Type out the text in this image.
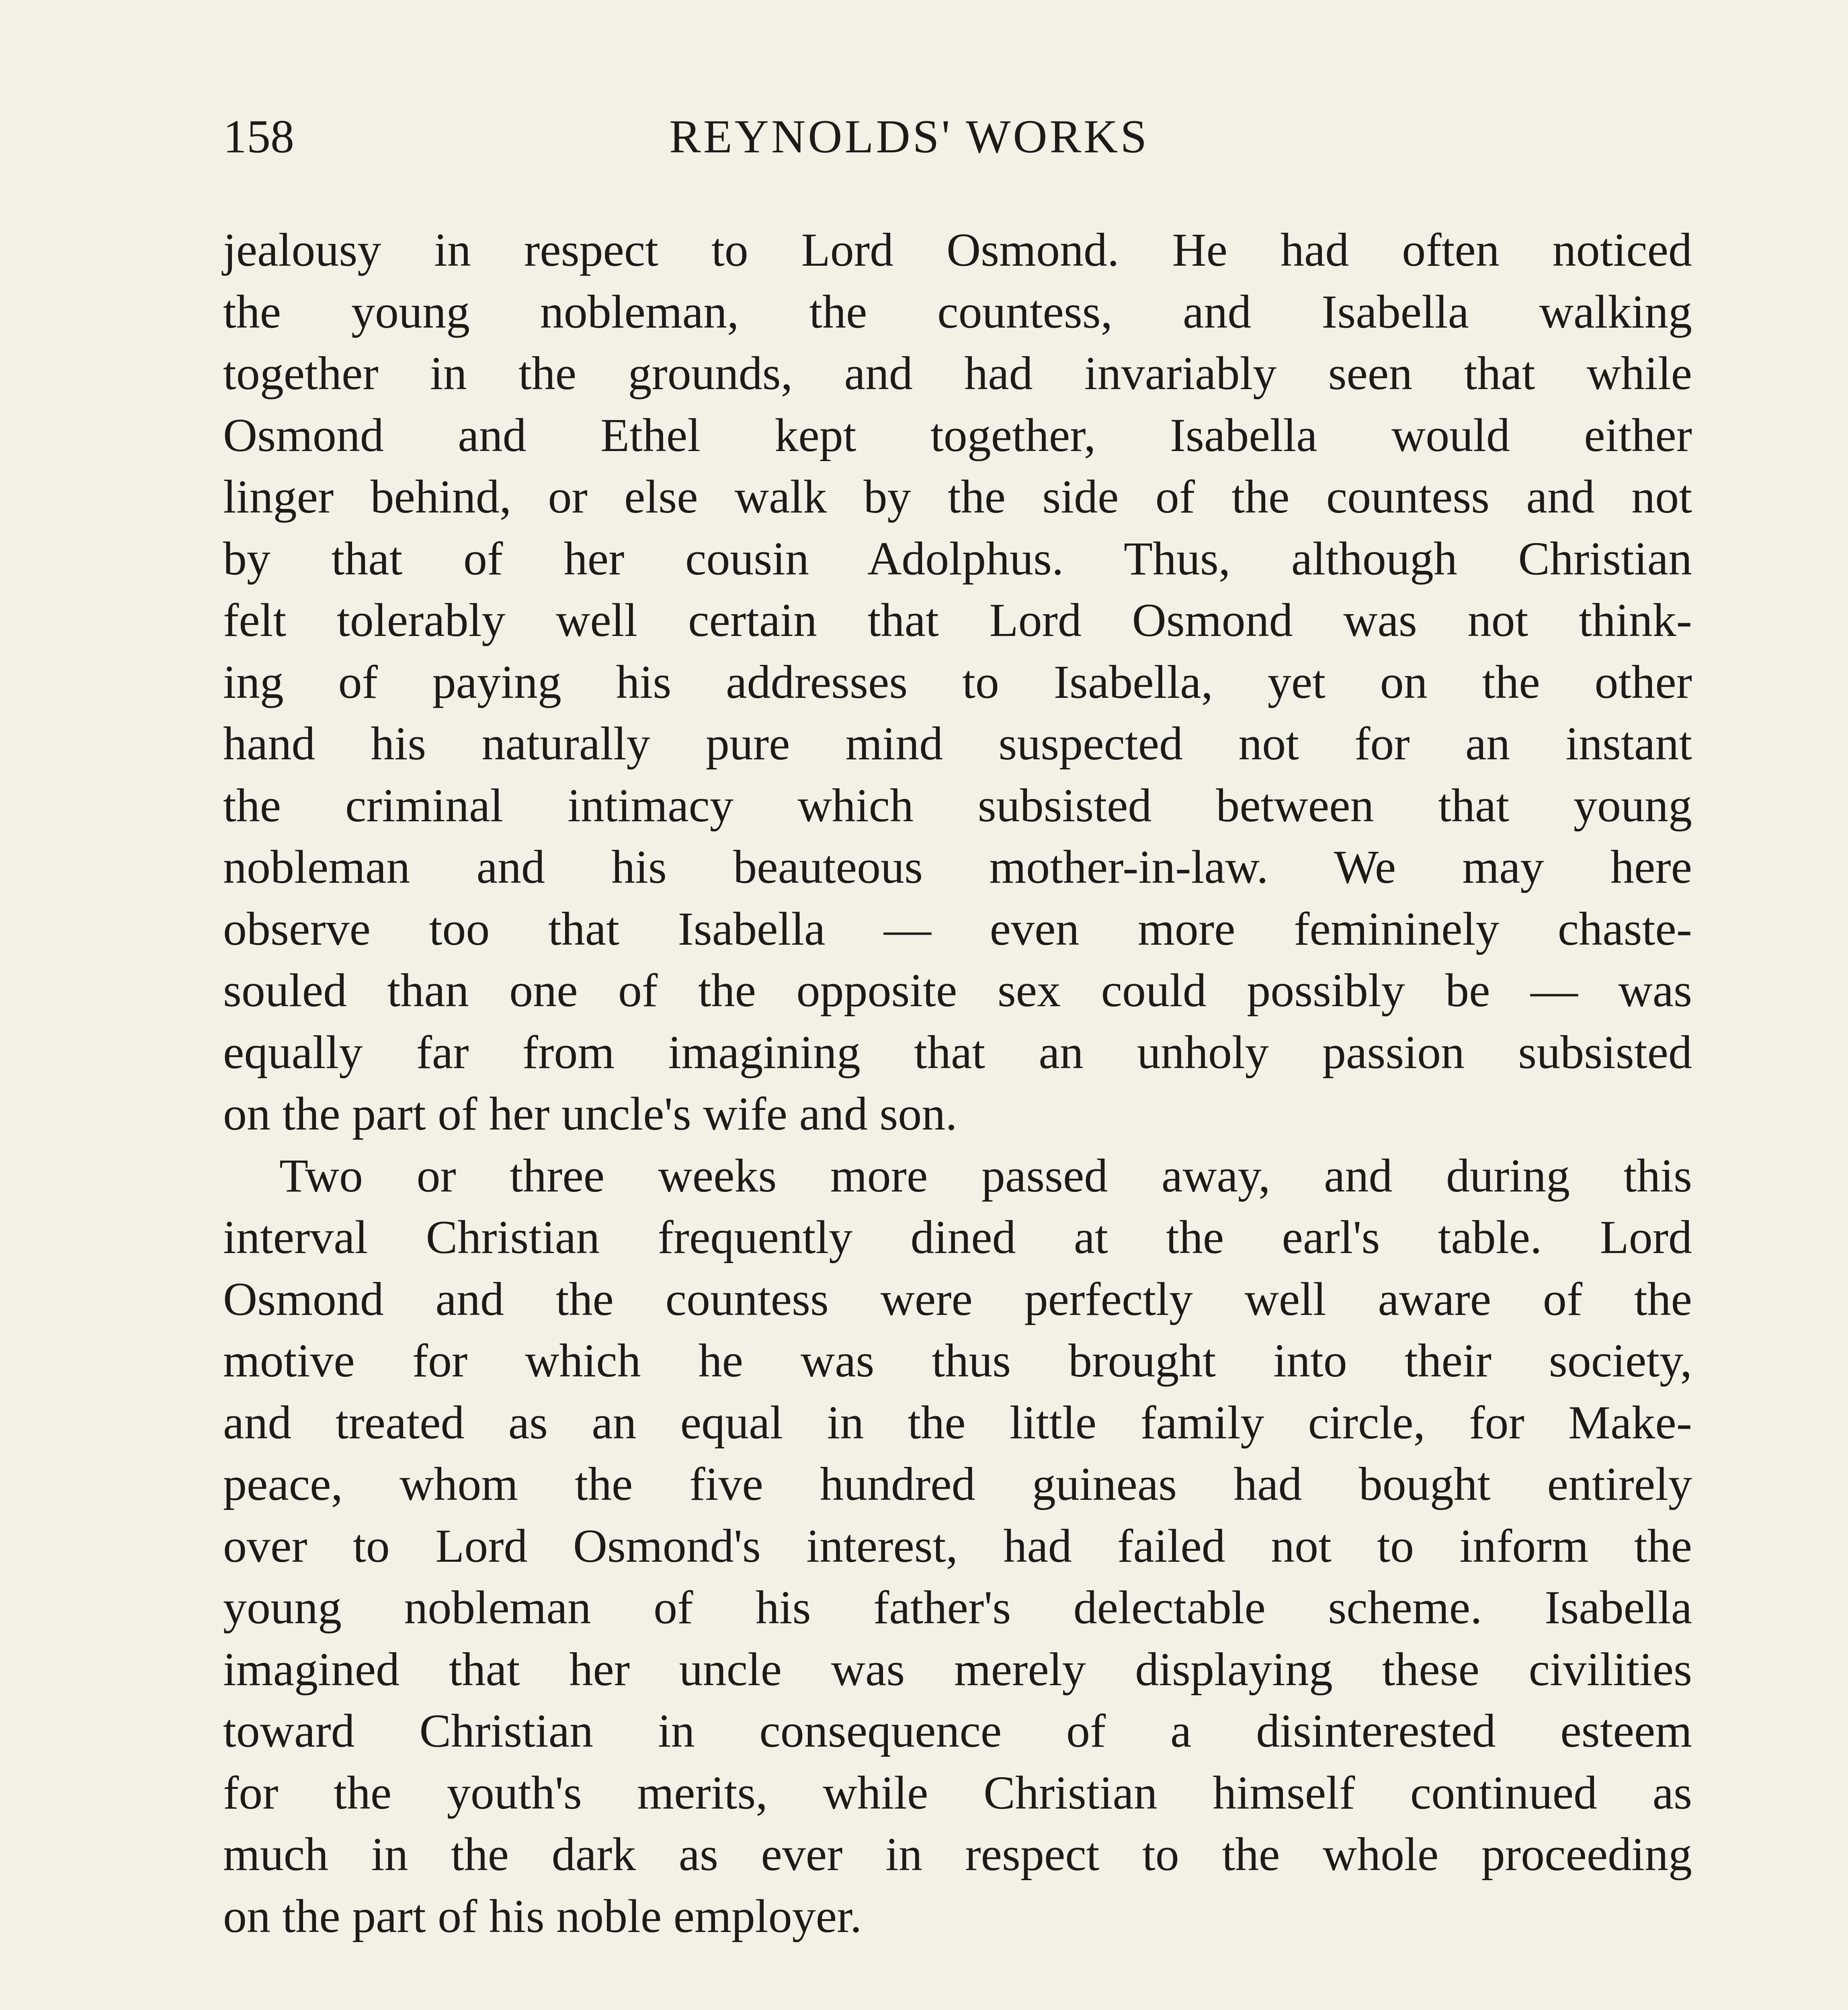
158	REYNOLDS' WORKS
jealousy in respect to Lord Osmond. He had often noticed
the young nobleman, the countess, and Isabella walking
together in the grounds, and had invariably seen that while
Osmond and Ethel kept together, Isabella would either
linger behind, or else walk by the side of the countess and not
by that of her cousin Adolphus. Thus, although Christian
felt tolerably well certain that Lord Osmond was not think-
ing of paying his addresses to Isabella, yet on the other
hand his naturally pure mind suspected not for an instant
the criminal intimacy which subsisted between that young
nobleman and his beauteous mother-in-law. We may here
observe too that Isabella — even more femininely chaste-
souled than one of the opposite sex could possibly be — was
equally far from imagining that an unholy passion subsisted
on the part of her uncle's wife and son.
Two or three weeks more passed away, and during this
interval Christian frequently dined at the earl's table. Lord
Osmond and the countess were perfectly well aware of the
motive for which he was thus brought into their society,
and treated as an equal in the little family circle, for Make-
peace, whom the five hundred guineas had bought entirely
over to Lord Osmond's interest, had failed not to inform the
young nobleman of his father's delectable scheme. Isabella
imagined that her uncle was merely displaying these civilities
toward Christian in consequence of a disinterested esteem
for the youth's merits, while Christian himself continued as
much in the dark as ever in respect to the whole proceeding
on the part of his noble employer.
